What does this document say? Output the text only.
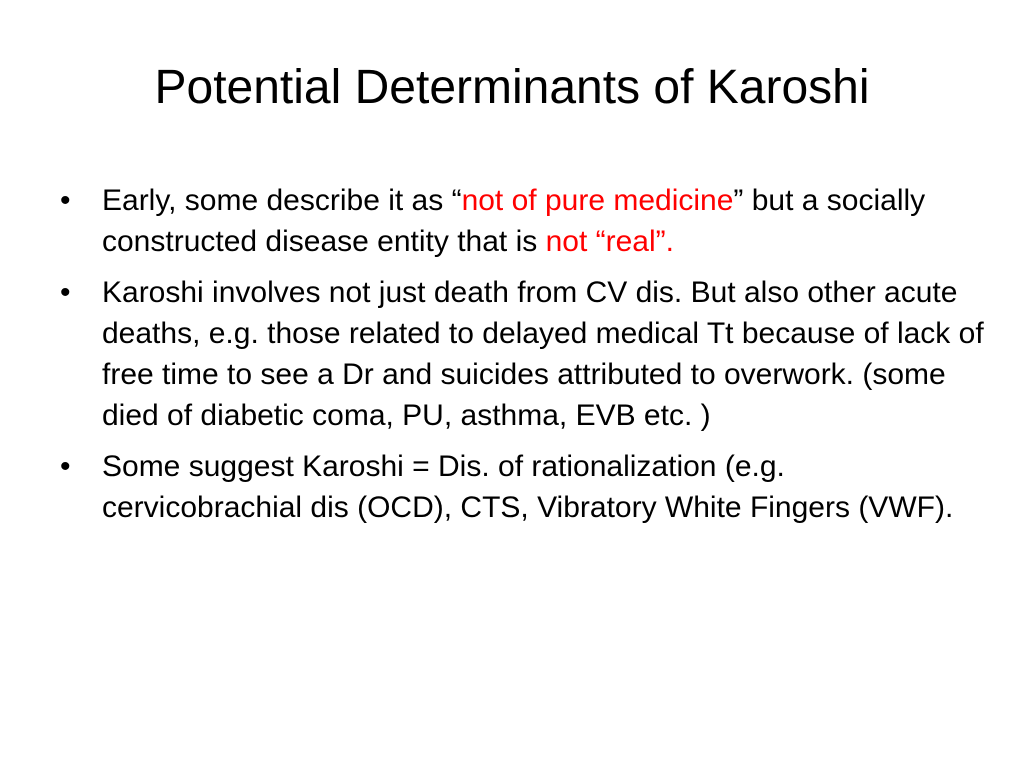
Potential Determinants of Karoshi
•	Early, some describe it as “not of pure medicine” but a socially constructed disease entity that is not “real”.
•	Karoshi involves not just death from CV dis. But also other acute deaths, e.g. those related to delayed medical Tt because of lack of free time to see a Dr and suicides attributed to overwork. (some died of diabetic coma, PU, asthma, EVB etc. )
•	Some suggest Karoshi = Dis. of rationalization (e.g. cervicobrachial dis (OCD), CTS, Vibratory White Fingers (VWF).
